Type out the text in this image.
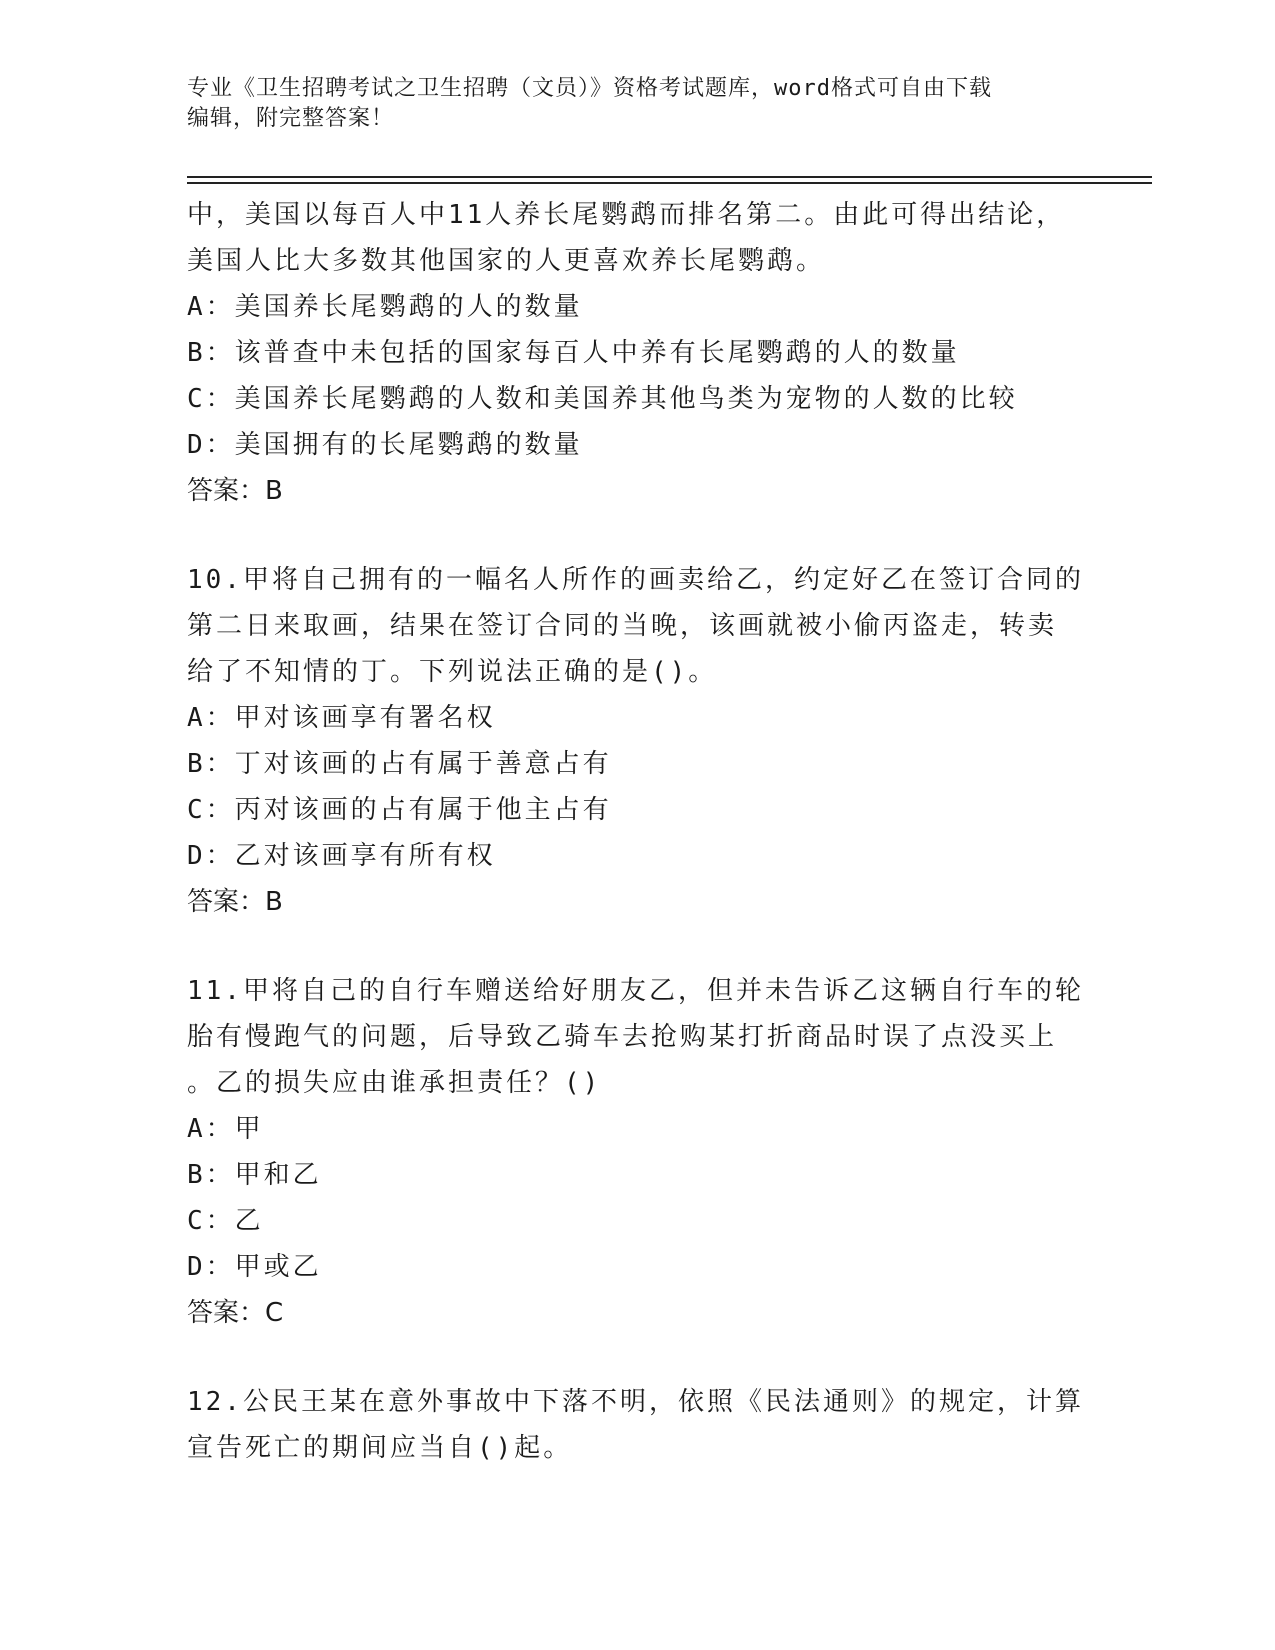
专业《卫生招聘考试之卫生招聘（文员）》资格考试题库，word格式可自由下载
编辑，附完整答案！
中，美国以每百人中11人养长尾鹦鹉而排名第二。由此可得出结论，
美国人比大多数其他国家的人更喜欢养长尾鹦鹉。
A：美国养长尾鹦鹉的人的数量
B：该普查中未包括的国家每百人中养有长尾鹦鹉的人的数量
C：美国养长尾鹦鹉的人数和美国养其他鸟类为宠物的人数的比较
D：美国拥有的长尾鹦鹉的数量
答案：B
10.甲将自己拥有的一幅名人所作的画卖给乙，约定好乙在签订合同的
第二日来取画，结果在签订合同的当晚，该画就被小偷丙盗走，转卖
给了不知情的丁。下列说法正确的是()。
A：甲对该画享有署名权
B：丁对该画的占有属于善意占有
C：丙对该画的占有属于他主占有
D：乙对该画享有所有权
答案：B
11.甲将自己的自行车赠送给好朋友乙，但并未告诉乙这辆自行车的轮
胎有慢跑气的问题，后导致乙骑车去抢购某打折商品时误了点没买上
。乙的损失应由谁承担责任？()
A：甲
B：甲和乙
C：乙
D：甲或乙
答案：C
12.公民王某在意外事故中下落不明，依照《民法通则》的规定，计算
宣告死亡的期间应当自()起。
